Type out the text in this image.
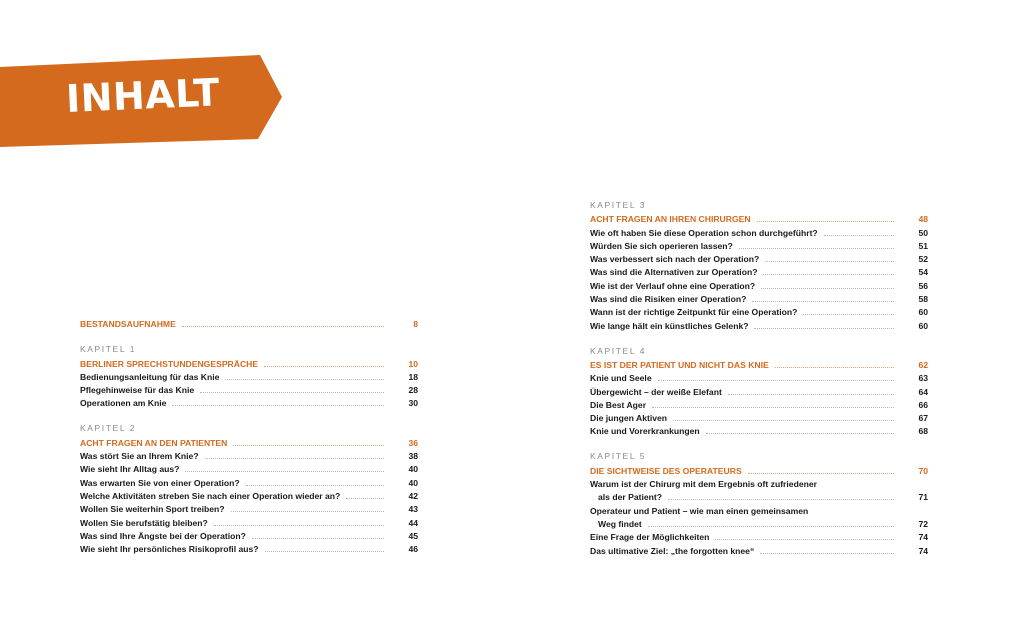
INHALT
BESTANDSAUFNAHME	8
KAPITEL 1
BERLINER SPRECHSTUNDENGESPRÄCHE	10
Bedienungsanleitung für das Knie	18
Pflegehinweise für das Knie	28
Operationen am Knie	30
KAPITEL 2
ACHT FRAGEN AN DEN PATIENTEN	36
Was stört Sie an Ihrem Knie?	38
Wie sieht Ihr Alltag aus?	40
Was erwarten Sie von einer Operation?	40
Welche Aktivitäten streben Sie nach einer Operation wieder an?	42
Wollen Sie weiterhin Sport treiben?	43
Wollen Sie berufstätig bleiben?	44
Was sind Ihre Ängste bei der Operation?	45
Wie sieht Ihr persönliches Risikoprofil aus?	46
KAPITEL 3
ACHT FRAGEN AN IHREN CHIRURGEN	48
Wie oft haben Sie diese Operation schon durchgeführt?	50
Würden Sie sich operieren lassen?	51
Was verbessert sich nach der Operation?	52
Was sind die Alternativen zur Operation?	54
Wie ist der Verlauf ohne eine Operation?	56
Was sind die Risiken einer Operation?	58
Wann ist der richtige Zeitpunkt für eine Operation?	60
Wie lange hält ein künstliches Gelenk?	60
KAPITEL 4
ES IST DER PATIENT UND NICHT DAS KNIE	62
Knie und Seele	63
Übergewicht – der weiße Elefant	64
Die Best Ager	66
Die jungen Aktiven	67
Knie und Vorerkrankungen	68
KAPITEL 5
DIE SICHTWEISE DES OPERATEURS	70
Warum ist der Chirurg mit dem Ergebnis oft zufriedener
als der Patient?	71
Operateur und Patient – wie man einen gemeinsamen
Weg findet	72
Eine Frage der Möglichkeiten	74
Das ultimative Ziel: „the forgotten knee“	74
